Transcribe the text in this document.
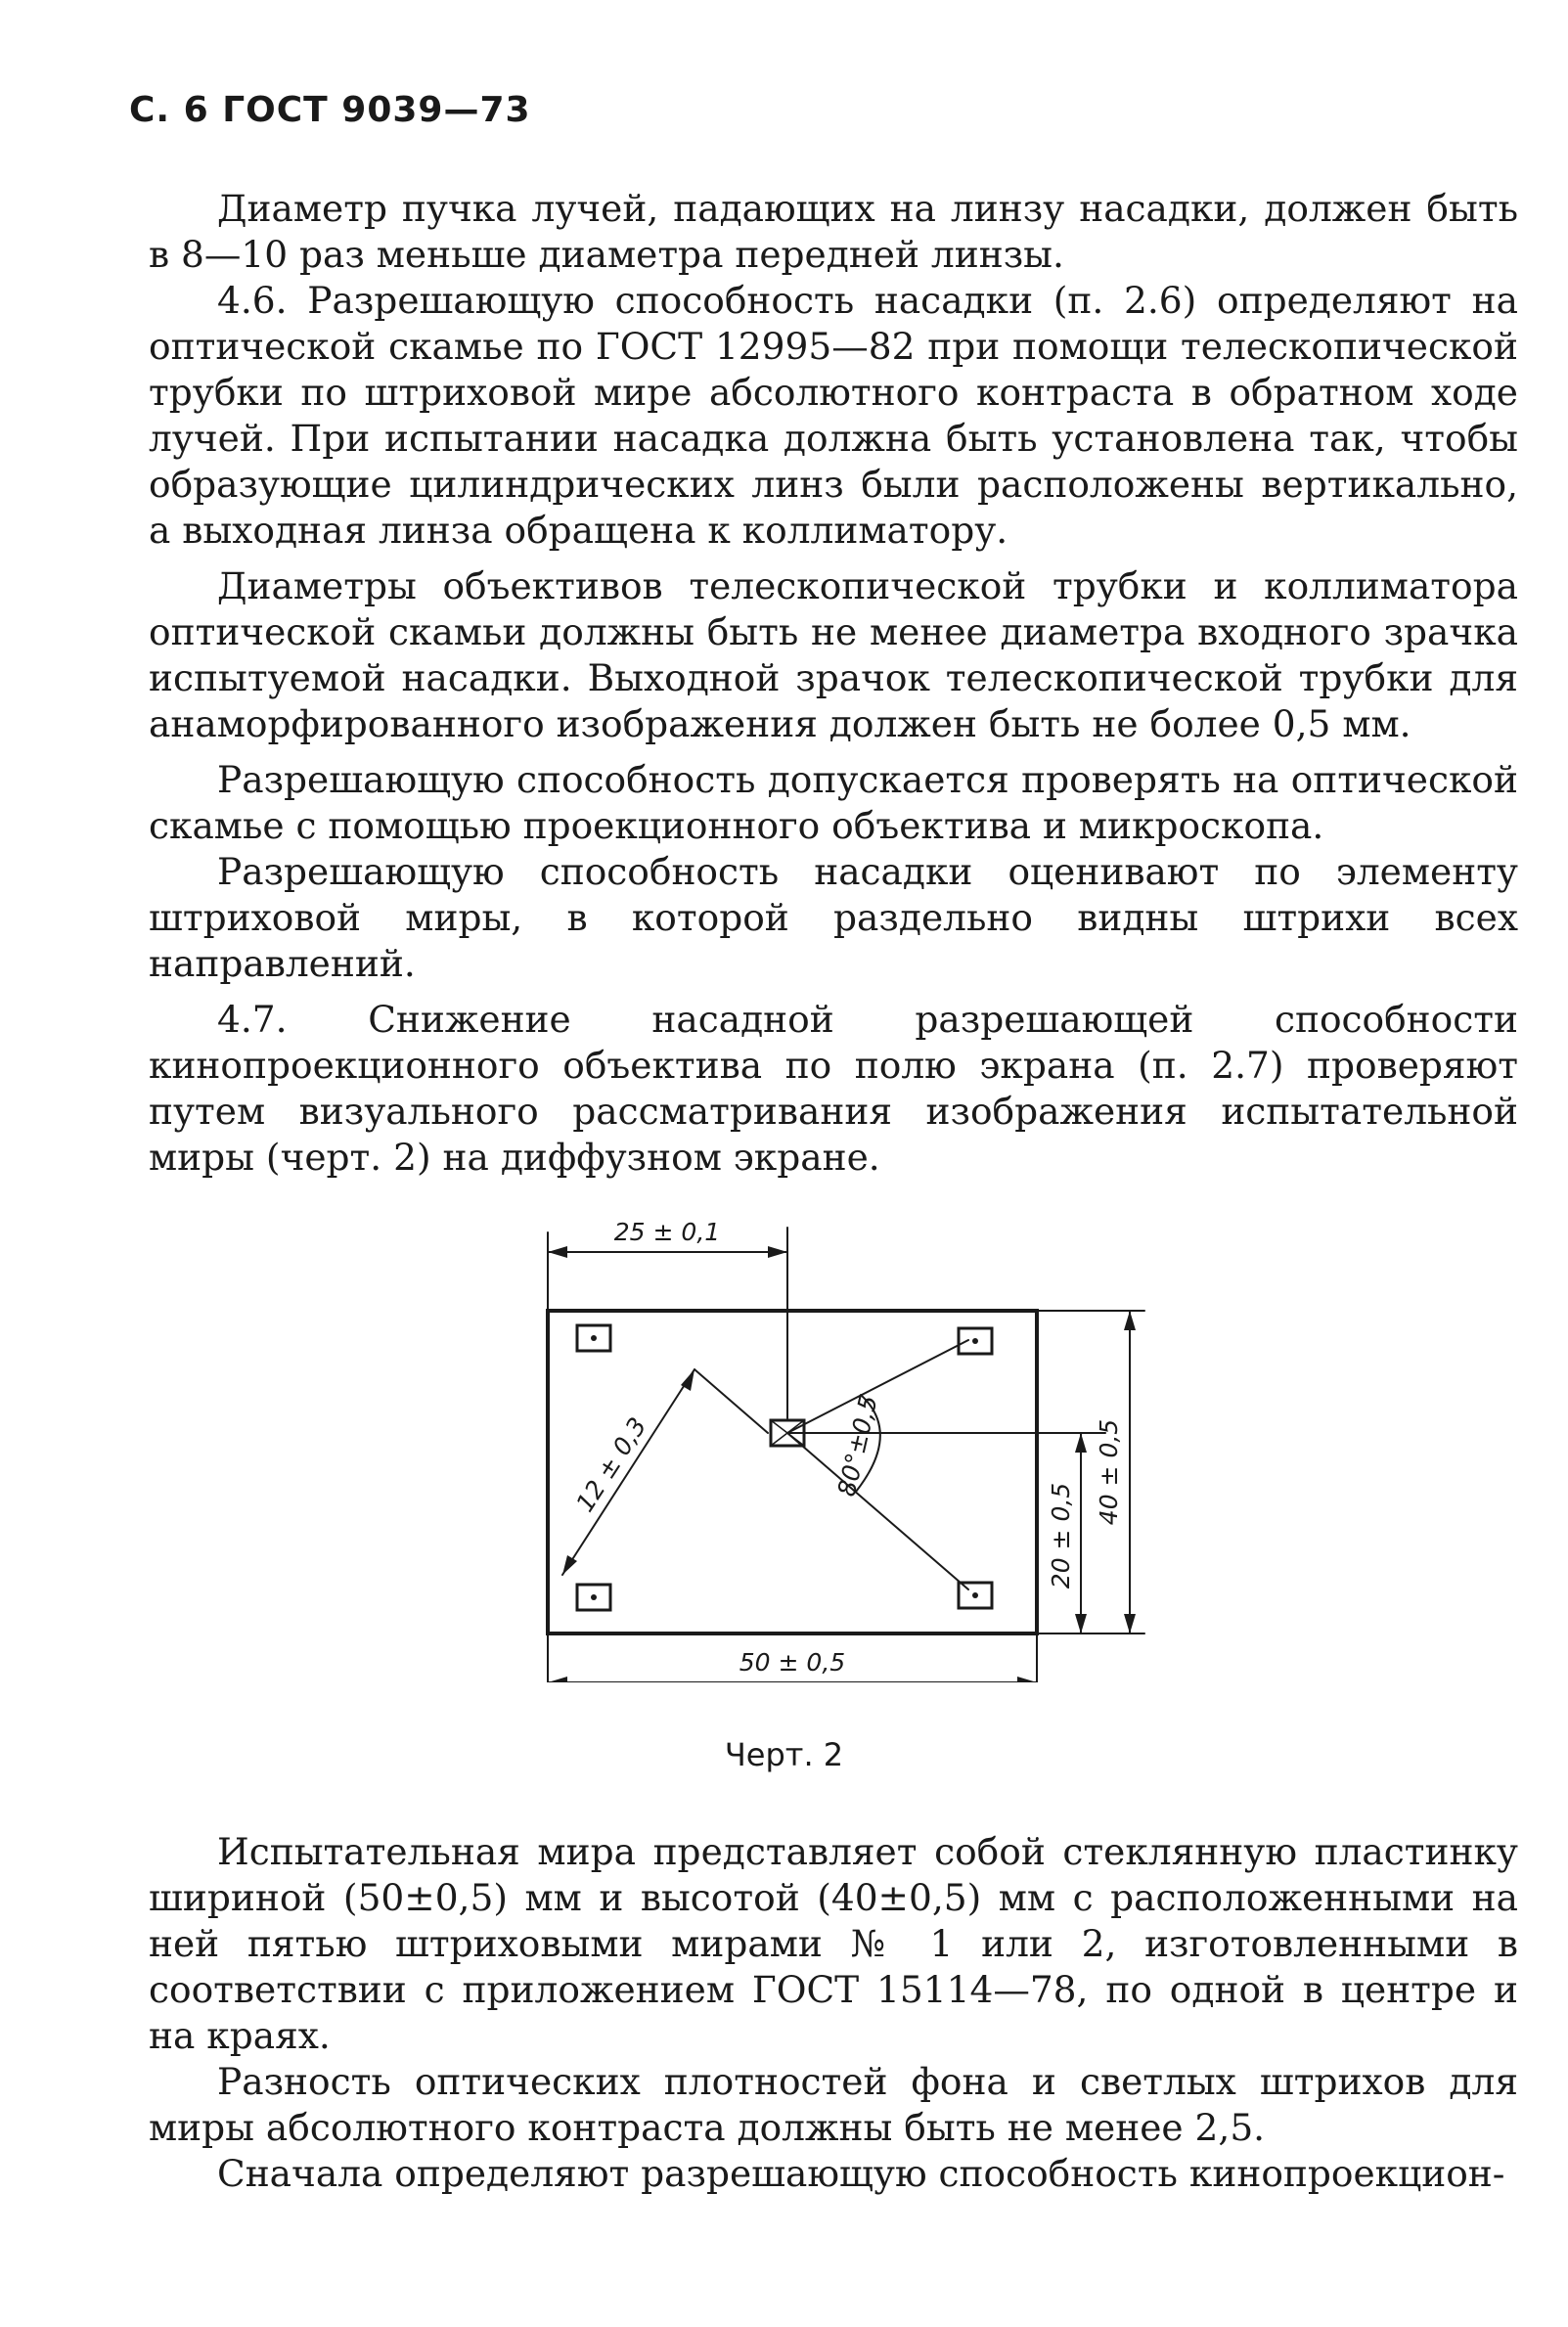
С. 6 ГОСТ 9039—73

Диаметр пучка лучей, падающих на линзу насадки, должен быть в 8—10 раз меньше диаметра передней линзы.

4.6. Разрешающую способность насадки (п. 2.6) определяют на оптической скамье по ГОСТ 12995—82 при помощи телескопической трубки по штриховой мире абсолютного контраста в обратном ходе лучей. При испытании насадка должна быть установлена так, чтобы образующие цилиндрических линз были расположены вертикально, а выходная линза обращена к коллиматору.

Диаметры объективов телескопической трубки и коллиматора оптической скамьи должны быть не менее диаметра входного зрачка испытуемой насадки. Выходной зрачок телескопической трубки для анаморфированного изображения должен быть не более 0,5 мм.

Разрешающую способность допускается проверять на оптической скамье с помощью проекционного объектива и микроскопа.

Разрешающую способность насадки оценивают по элементу штриховой миры, в которой раздельно видны штрихи всех направлений.

4.7. Снижение насадной разрешающей способности кинопроекционного объектива по полю экрана (п. 2.7) проверяют путем визуального рассматривания изображения испытательной миры (черт. 2) на диффузном экране.

25 ± 0,1
50 ± 0,5
40 ± 0,5
20 ± 0,5
12 ± 0,3	80°±0,5

Черт. 2

Испытательная мира представляет собой стеклянную пластинку шириной (50±0,5) мм и высотой (40±0,5) мм с расположенными на ней пятью штриховыми мирами № 1 или 2, изготовленными в соответствии с приложением ГОСТ 15114—78, по одной в центре и на краях.

Разность оптических плотностей фона и светлых штрихов для миры абсолютного контраста должны быть не менее 2,5.

Сначала определяют разрешающую способность кинопроекцион-
